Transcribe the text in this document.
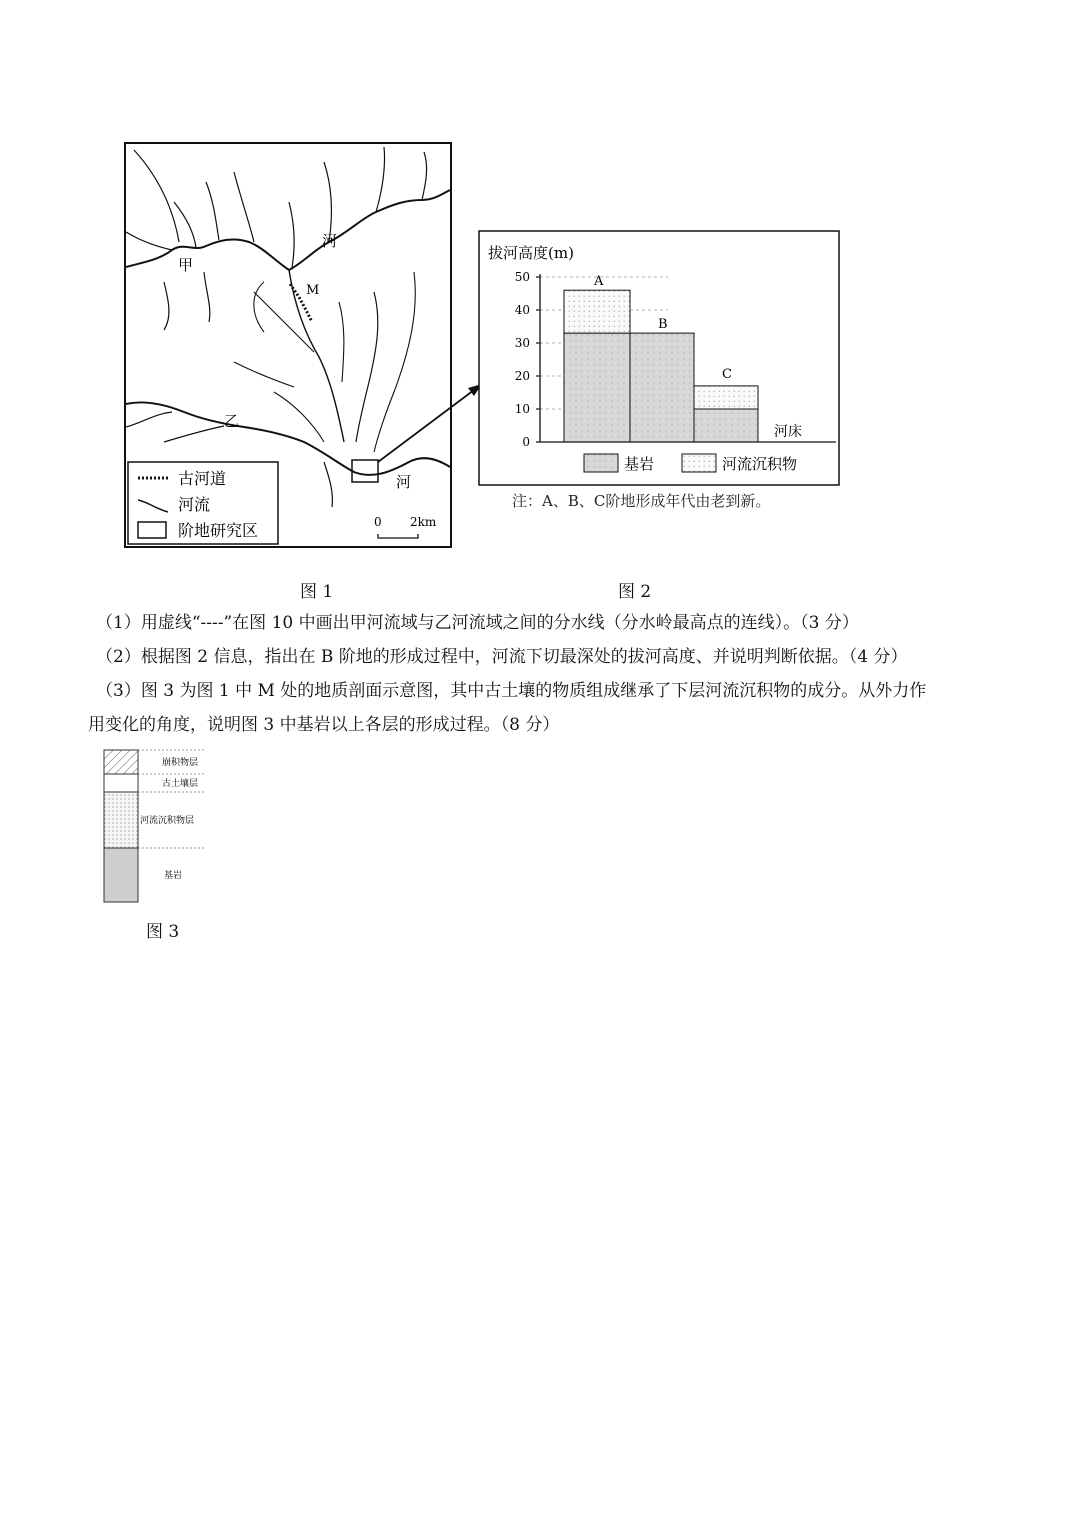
甲
河
M
乙
河
古河道
河流
阶地研究区	0 2km
拔河高度(m)
0
10
20
30
40
50	A
B
C
河床
基岩	河流沉积物
注：A、B、C阶地形成年代由老到新。
图 1	图 2
（1）用虚线“----”在图 10 中画出甲河流域与乙河流域之间的分水线（分水岭最高点的连线）。（3 分）
（2）根据图 2 信息，指出在 B 阶地的形成过程中，河流下切最深处的拔河高度、并说明判断依据。（4 分）
（3）图 3 为图 1 中 M 处的地质剖面示意图，其中古土壤的物质组成继承了下层河流沉积物的成分。从外力作
用变化的角度，说明图 3 中基岩以上各层的形成过程。（8 分）
崩积物层
古土壤层
河流沉积物层
基岩
图 3
